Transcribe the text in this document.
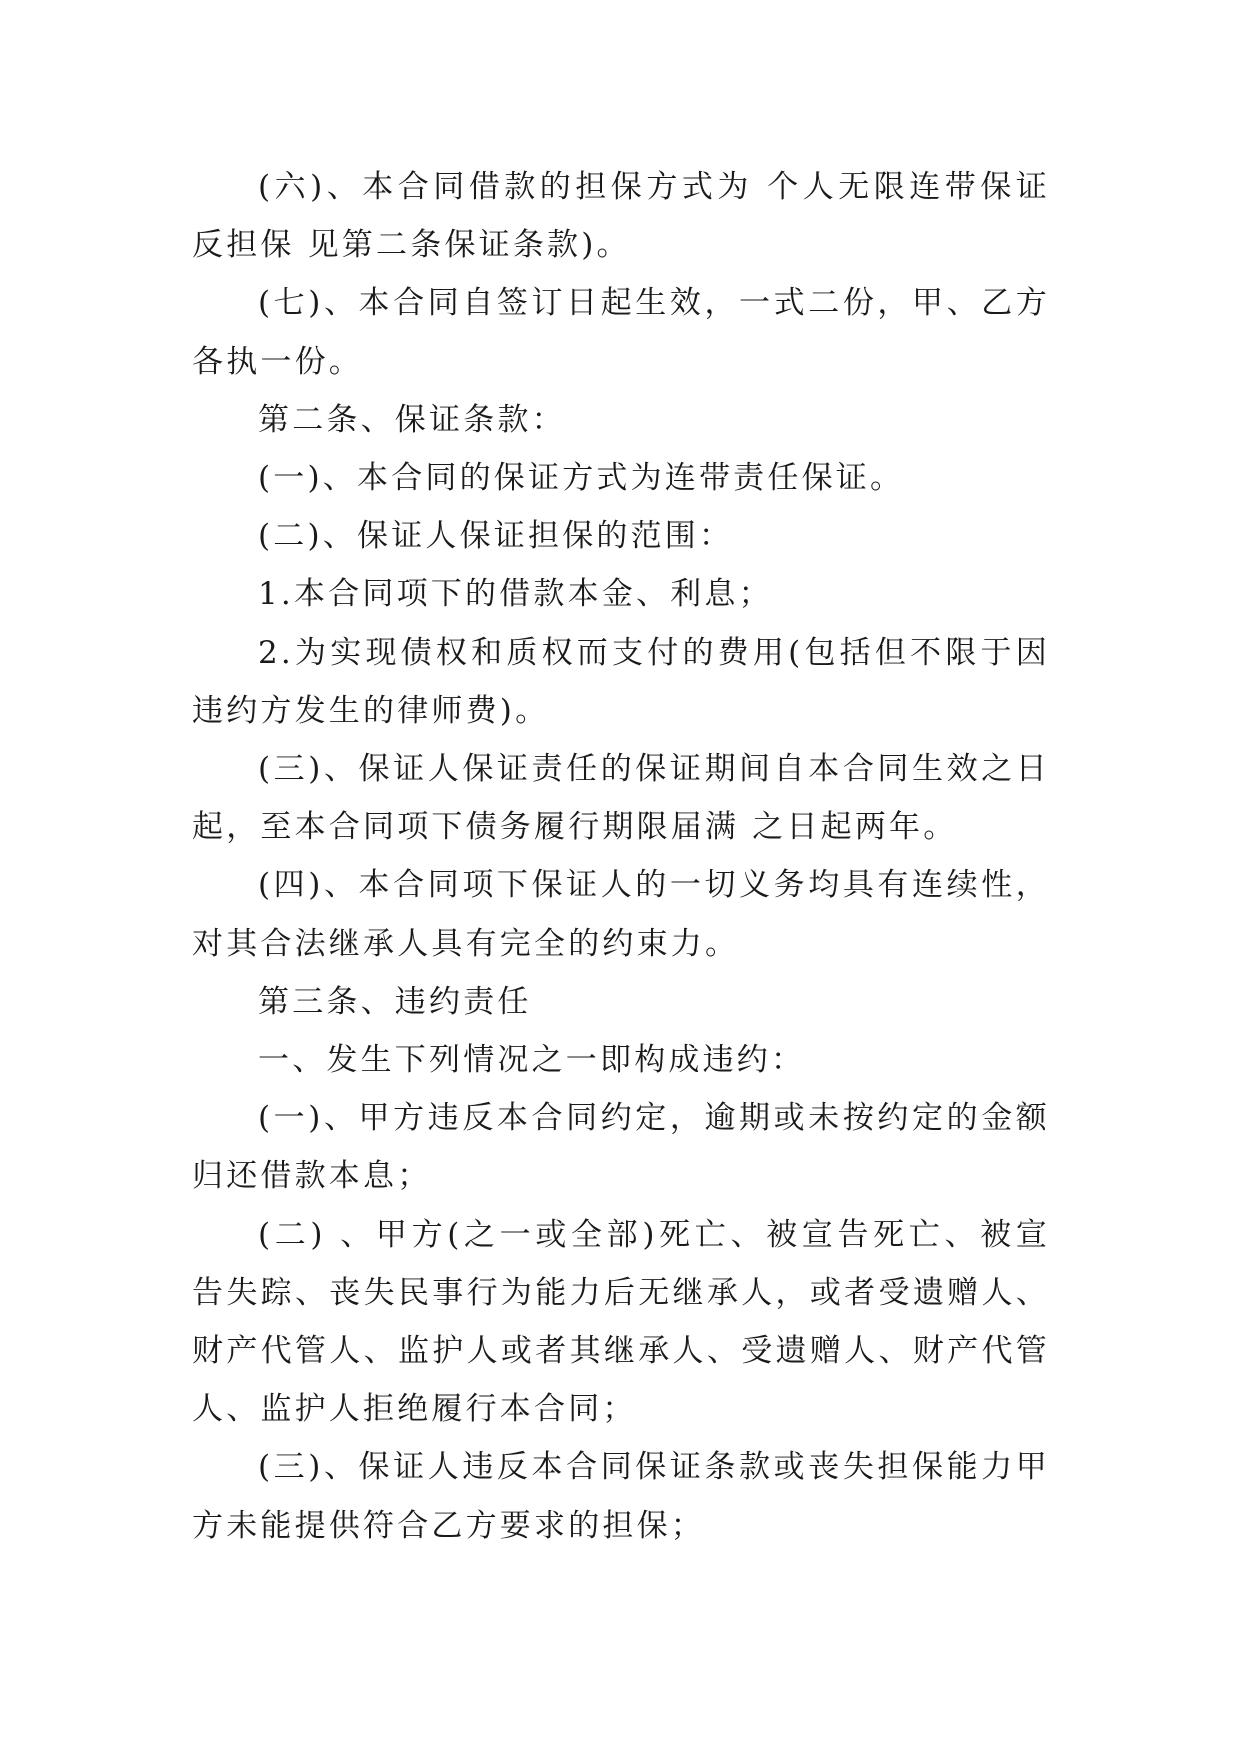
(六)、本合同借款的担保方式为 个人无限连带保证反担保 见第二条保证条款)。

(七)、本合同自签订日起生效，一式二份，甲、乙方各执一份。

第二条、保证条款：

(一)、本合同的保证方式为连带责任保证。

(二)、保证人保证担保的范围：

1.本合同项下的借款本金、利息；

2.为实现债权和质权而支付的费用(包括但不限于因违约方发生的律师费)。

(三)、保证人保证责任的保证期间自本合同生效之日起，至本合同项下债务履行期限届满 之日起两年。

(四)、本合同项下保证人的一切义务均具有连续性，对其合法继承人具有完全的约束力。

第三条、违约责任

一、发生下列情况之一即构成违约：

(一)、甲方违反本合同约定，逾期或未按约定的金额归还借款本息；

(二) 、甲方(之一或全部)死亡、被宣告死亡、被宣告失踪、丧失民事行为能力后无继承人，或者受遗赠人、财产代管人、监护人或者其继承人、受遗赠人、财产代管人、监护人拒绝履行本合同；

(三)、保证人违反本合同保证条款或丧失担保能力甲方未能提供符合乙方要求的担保；
